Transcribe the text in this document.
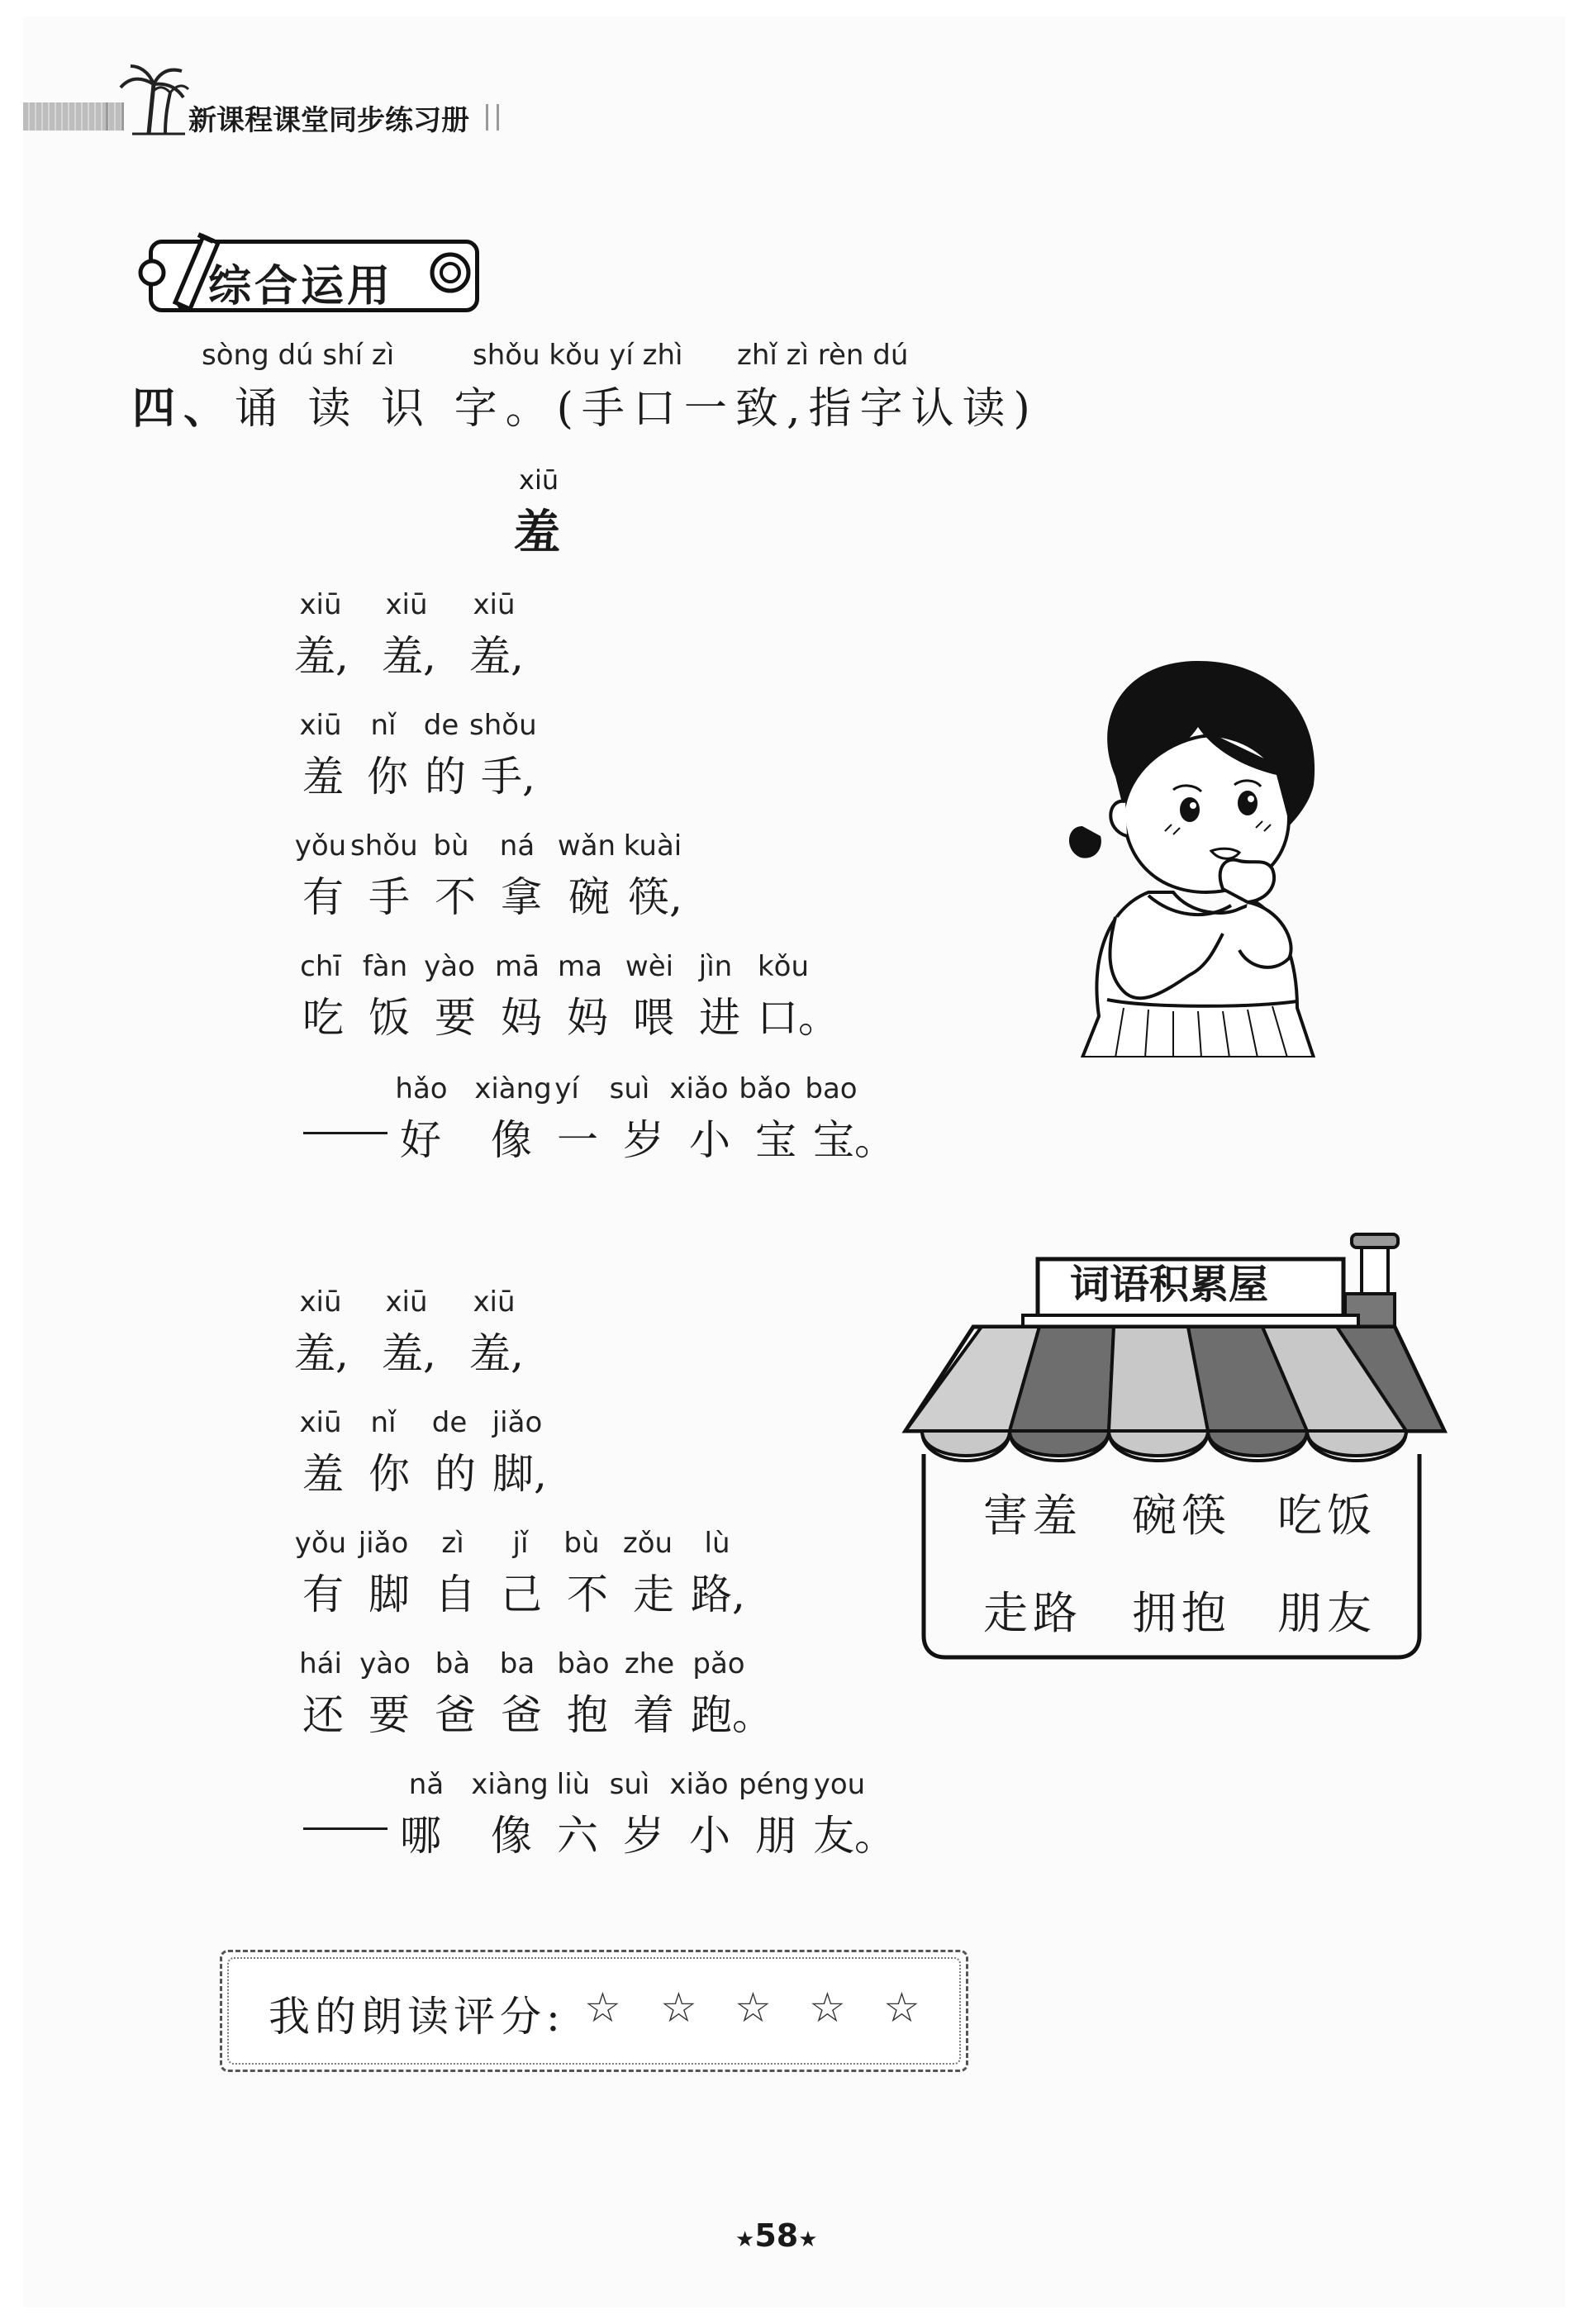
新课程课堂同步练习册
综合运用
sòng dú shí zì	shǒu kǒu yí zhì zhǐ zì rèn dú
四、诵 读 识 字。(手口一致,指字认读)
xiū
羞
xiū	xiū	xiū
羞, 羞, 羞,
xiū	nǐ de shǒu
羞 你 的 手,
yǒu shǒu bù	ná wǎn kuài
有 手 不 拿 碗 筷,
chī fàn yào mā ma wèi jìn kǒu
吃 饭 要 妈 妈 喂 进 口。
hǎo xiàng yí	suì xiǎo bǎo bao
好 像 一 岁 小 宝 宝。
xiū	xiū	xiū
羞, 羞, 羞,
xiū	nǐ	de jiǎo
羞 你 的 脚,
yǒu jiǎo	zì	jǐ	bù zǒu	lù
有 脚 自 己 不 走 路,
hái yào bà	ba bào zhe pǎo
还 要 爸 爸 抱 着 跑。
nǎ xiàng liù suì xiǎo péng you
哪 像 六 岁 小 朋 友。
词语积累屋
害羞 碗筷 吃饭
走路 拥抱 朋友
我的朗读评分: ☆ ☆ ☆ ☆ ☆
★58★
